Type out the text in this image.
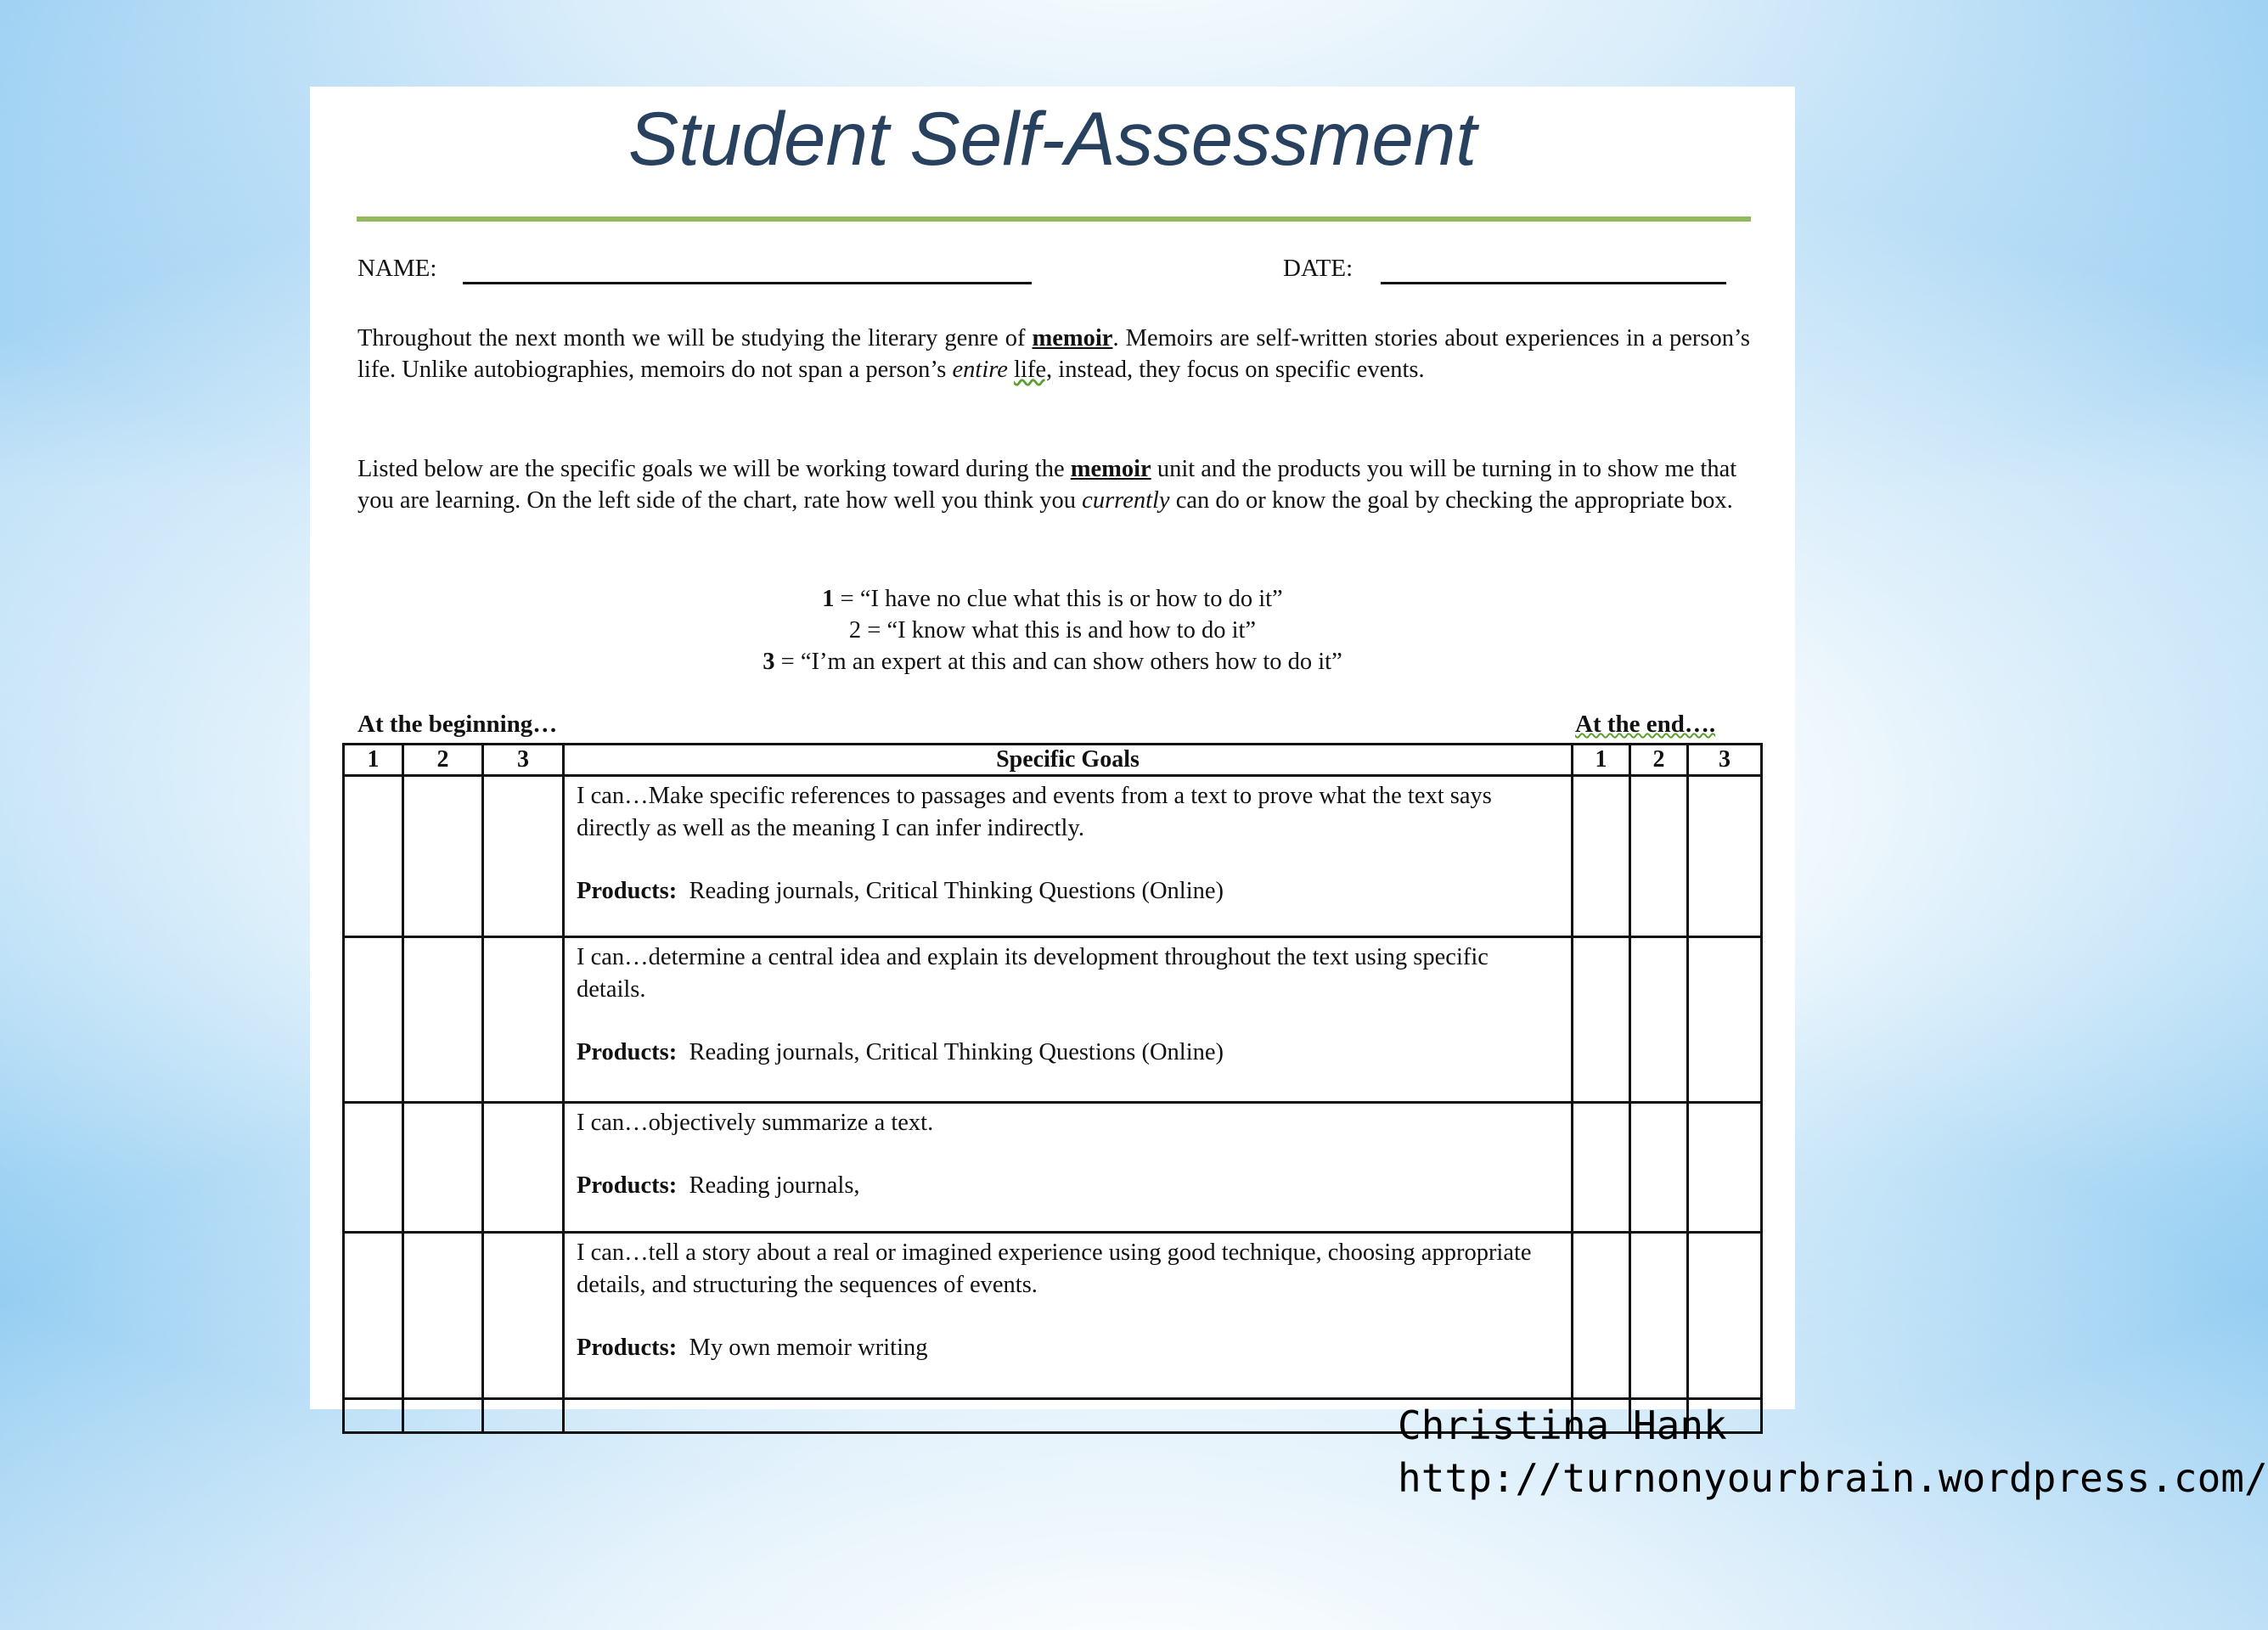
Student Self-Assessment
NAME:	DATE:
Throughout the next month we will be studying the literary genre of memoir. Memoirs are self-written stories about experiences in a person’s life. Unlike autobiographies, memoirs do not span a person’s entire life, instead, they focus on specific events.
Listed below are the specific goals we will be working toward during the memoir unit and the products you will be turning in to show me that you are learning. On the left side of the chart, rate how well you think you currently can do or know the goal by checking the appropriate box.
1 = “I have no clue what this is or how to do it”
2 = “I know what this is and how to do it”
3 = “I’m an expert at this and can show others how to do it”
At the beginning…	At the end….
1	2	3	Specific Goals	1	2	3

			I can…Make specific references to passages and events from a text to prove what the text says directly as well as the meaning I can infer indirectly.
Products: Reading journals, Critical Thinking Questions (Online)			

			I can…determine a central idea and explain its development throughout the text using specific details.
Products: Reading journals, Critical Thinking Questions (Online)			

			I can…objectively summarize a text.
Products: Reading journals,			

			I can…tell a story about a real or imagined experience using good technique, choosing appropriate details, and structuring the sequences of events.
Products: My own memoir writing			

Christina Hank
http://turnonyourbrain.wordpress.com/
